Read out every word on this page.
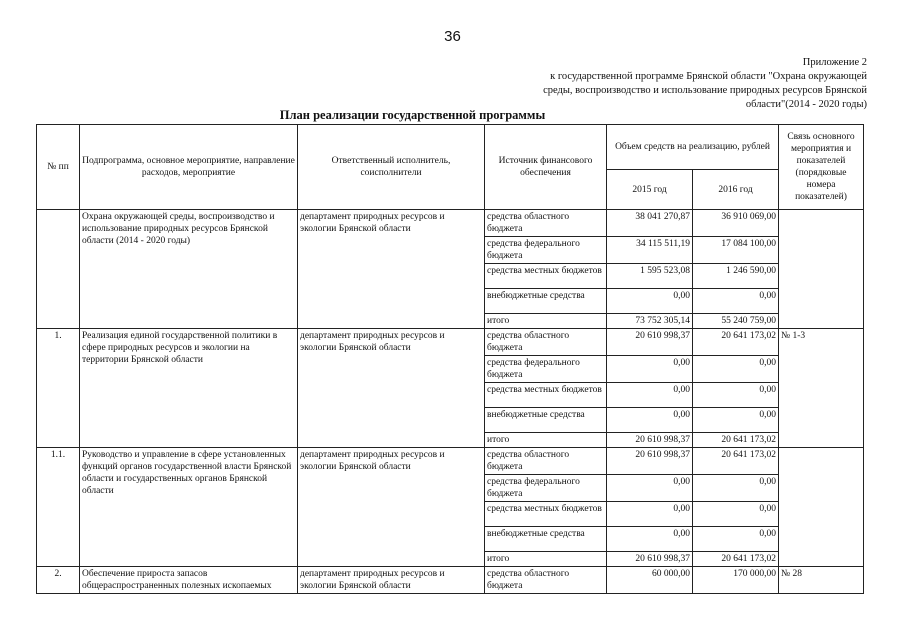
36
Приложение 2
к государственной программе Брянской области "Охрана окружающей
среды, воспроизводство и использование природных ресурсов Брянской
области"(2014 - 2020 годы)
План реализации государственной программы
№ пп	Подпрограмма, основное мероприятие, направление расходов, мероприятие	Ответственный исполнитель, соисполнители	Источник финансового обеспечения	Объем средств на реализацию, рублей		Связь основного мероприятия и показателей (порядковые номера показателей)
				2015 год	2016 год	
	Охрана окружающей среды, воспроизводство и использование природных ресурсов Брянской области (2014 - 2020 годы)	департамент природных ресурсов и экологии Брянской области	средства областного бюджета	38 041 270,87	36 910 069,00	
			средства федерального бюджета	34 115 511,19	17 084 100,00	
			средства местных бюджетов	1 595 523,08	1 246 590,00	
			внебюджетные средства	0,00	0,00	
			итого	73 752 305,14	55 240 759,00	
1.	Реализация единой государственной политики в сфере природных ресурсов и экологии на территории Брянской области	департамент природных ресурсов и экологии Брянской области	средства областного бюджета	20 610 998,37	20 641 173,02	№ 1-3
			средства федерального бюджета	0,00	0,00	
			средства местных бюджетов	0,00	0,00	
			внебюджетные средства	0,00	0,00	
			итого	20 610 998,37	20 641 173,02	
1.1.	Руководство и управление в сфере установленных функций органов государственной власти Брянской области и государственных органов Брянской области	департамент природных ресурсов и экологии Брянской области	средства областного бюджета	20 610 998,37	20 641 173,02	
			средства федерального бюджета	0,00	0,00	
			средства местных бюджетов	0,00	0,00	
			внебюджетные средства	0,00	0,00	
			итого	20 610 998,37	20 641 173,02	
2.	Обеспечение прироста запасов общераспространенных полезных ископаемых	департамент природных ресурсов и экологии Брянской области	средства областного бюджета	60 000,00	170 000,00	№ 28
